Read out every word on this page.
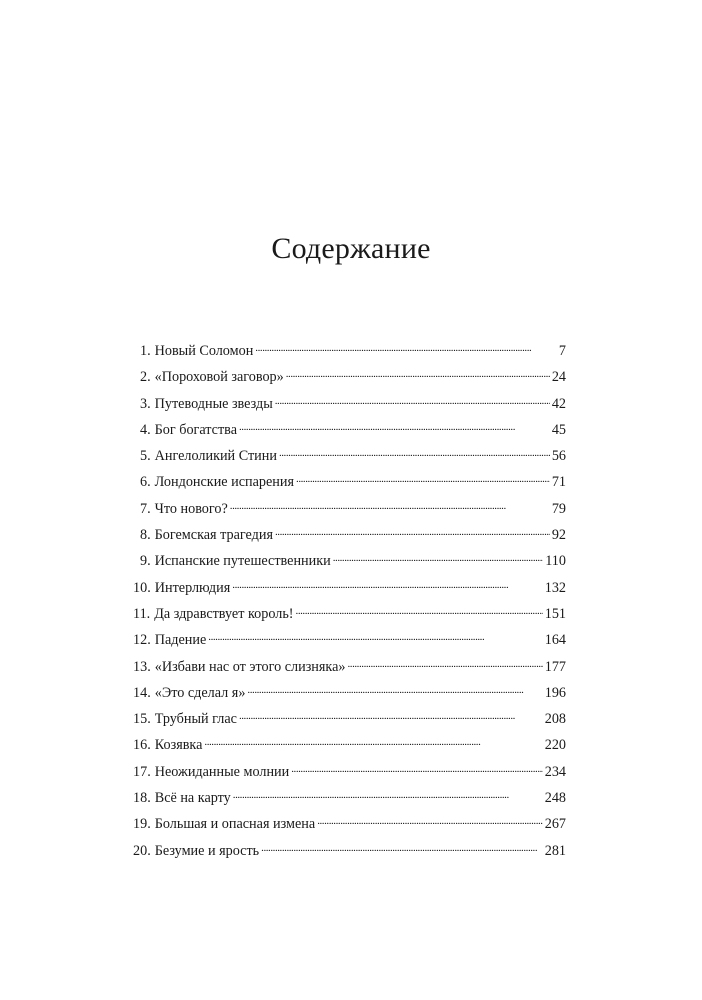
Содержание
1. Новый Соломон . . .	7
2. «Пороховой заговор» . . .	24
3. Путеводные звезды . . .	42
4. Бог богатства . . .	45
5. Ангелоликий Стини . . .	56
6. Лондонские испарения . . .	71
7. Что нового? . . .	79
8. Богемская трагедия . . .	92
9. Испанские путешественники . . .	110
10. Интерлюдия . . .	132
11. Да здравствует король! . . .	151
12. Падение . . .	164
13. «Избави нас от этого слизняка» . . .	177
14. «Это сделал я» . . .	196
15. Трубный глас . . .	208
16. Козявка . . .	220
17. Неожиданные молнии . . .	234
18. Всё на карту . . .	248
19. Большая и опасная измена . . .	267
20. Безумие и ярость . . .	281
